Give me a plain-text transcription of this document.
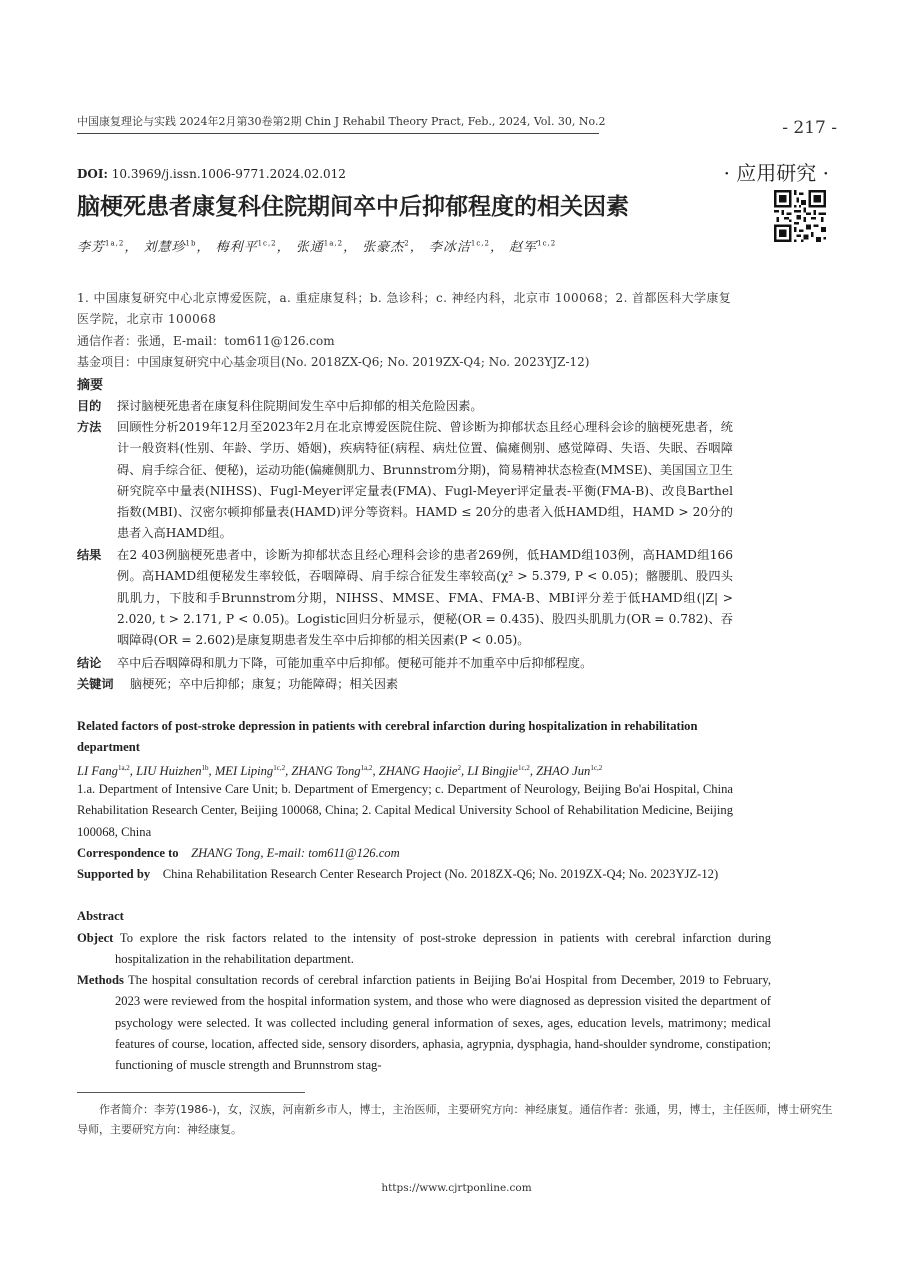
中国康复理论与实践 2024年2月第30卷第2期 Chin J Rehabil Theory Pract, Feb., 2024, Vol. 30, No.2	- 217 -
DOI: 10.3969/j.issn.1006-9771.2024.02.012	· 应用研究 ·
脑梗死患者康复科住院期间卒中后抑郁程度的相关因素
李芳$^{1a,2}$， 刘慧珍$^{1b}$， 梅利平$^{1c,2}$， 张通$^{1a,2}$， 张豪杰$^2$， 李冰洁$^{1c,2}$， 赵军$^{1c,2}$
1. 中国康复研究中心北京博爱医院，a. 重症康复科；b. 急诊科；c. 神经内科，北京市 100068；2. 首都医科大学康复医学院，北京市 100068
通信作者：张通，E-mail：tom611@126.com
基金项目：中国康复研究中心基金项目(No. 2018ZX-Q6; No. 2019ZX-Q4; No. 2023YJZ-12)
摘要
目的	探讨脑梗死患者在康复科住院期间发生卒中后抑郁的相关危险因素。
方法	回顾性分析2019年12月至2023年2月在北京博爱医院住院、曾诊断为抑郁状态且经心理科会诊的脑梗死患者，统计一般资料(性别、年龄、学历、婚姻)，疾病特征(病程、病灶位置、偏瘫侧别、感觉障碍、失语、失眠、吞咽障碍、肩手综合征、便秘)，运动功能(偏瘫侧肌力、Brunnstrom分期)，简易精神状态检查(MMSE)、美国国立卫生研究院卒中量表(NIHSS)、Fugl-Meyer评定量表(FMA)、Fugl-Meyer评定量表-平衡(FMA-B)、改良Barthel指数(MBI)、汉密尔顿抑郁量表(HAMD)评分等资料。HAMD ≤ 20分的患者入低HAMD组，HAMD > 20分的患者入高HAMD组。
结果	在2 403例脑梗死患者中，诊断为抑郁状态且经心理科会诊的患者269例，低HAMD组103例，高HAMD组166例。高HAMD组便秘发生率较低，吞咽障碍、肩手综合征发生率较高(χ² > 5.379, P < 0.05)；髂腰肌、股四头肌肌力，下肢和手Brunnstrom分期，NIHSS、MMSE、FMA、FMA-B、MBI评分差于低HAMD组(|Z| > 2.020, t > 2.171, P < 0.05)。Logistic回归分析显示，便秘(OR = 0.435)、股四头肌肌力(OR = 0.782)、吞咽障碍(OR = 2.602)是康复期患者发生卒中后抑郁的相关因素(P < 0.05)。
结论	卒中后吞咽障碍和肌力下降，可能加重卒中后抑郁。便秘可能并不加重卒中后抑郁程度。
关键词	脑梗死；卒中后抑郁；康复；功能障碍；相关因素
Related factors of post-stroke depression in patients with cerebral infarction during hospitalization in rehabilitation department
LI Fang$^{1a,2}$, LIU Huizhen$^{1b}$, MEI Liping$^{1c,2}$, ZHANG Tong$^{1a,2}$, ZHANG Haojie$^2$, LI Bingjie$^{1c,2}$, ZHAO Jun$^{1c,2}$
1.a. Department of Intensive Care Unit; b. Department of Emergency; c. Department of Neurology, Beijing Bo'ai Hospital, China Rehabilitation Research Center, Beijing 100068, China; 2. Capital Medical University School of Rehabilitation Medicine, Beijing 100068, China
Correspondence to ZHANG Tong, E-mail: tom611@126.com
Supported by China Rehabilitation Research Center Research Project (No. 2018ZX-Q6; No. 2019ZX-Q4; No. 2023YJZ-12)
Abstract
Object To explore the risk factors related to the intensity of post-stroke depression in patients with cerebral infarction during hospitalization in the rehabilitation department.
Methods The hospital consultation records of cerebral infarction patients in Beijing Bo'ai Hospital from December, 2019 to February, 2023 were reviewed from the hospital information system, and those who were diagnosed as depression visited the department of psychology were selected. It was collected including general information of sexes, ages, education levels, matrimony; medical features of course, location, affected side, sensory disorders, aphasia, agrypnia, dysphagia, hand-shoulder syndrome, constipation; functioning of muscle strength and Brunnstrom stag-
作者简介：李芳(1986-)，女，汉族，河南新乡市人，博士，主治医师，主要研究方向：神经康复。通信作者：张通，男，博士，主任医师，博士研究生导师，主要研究方向：神经康复。
https://www.cjrtponline.com
